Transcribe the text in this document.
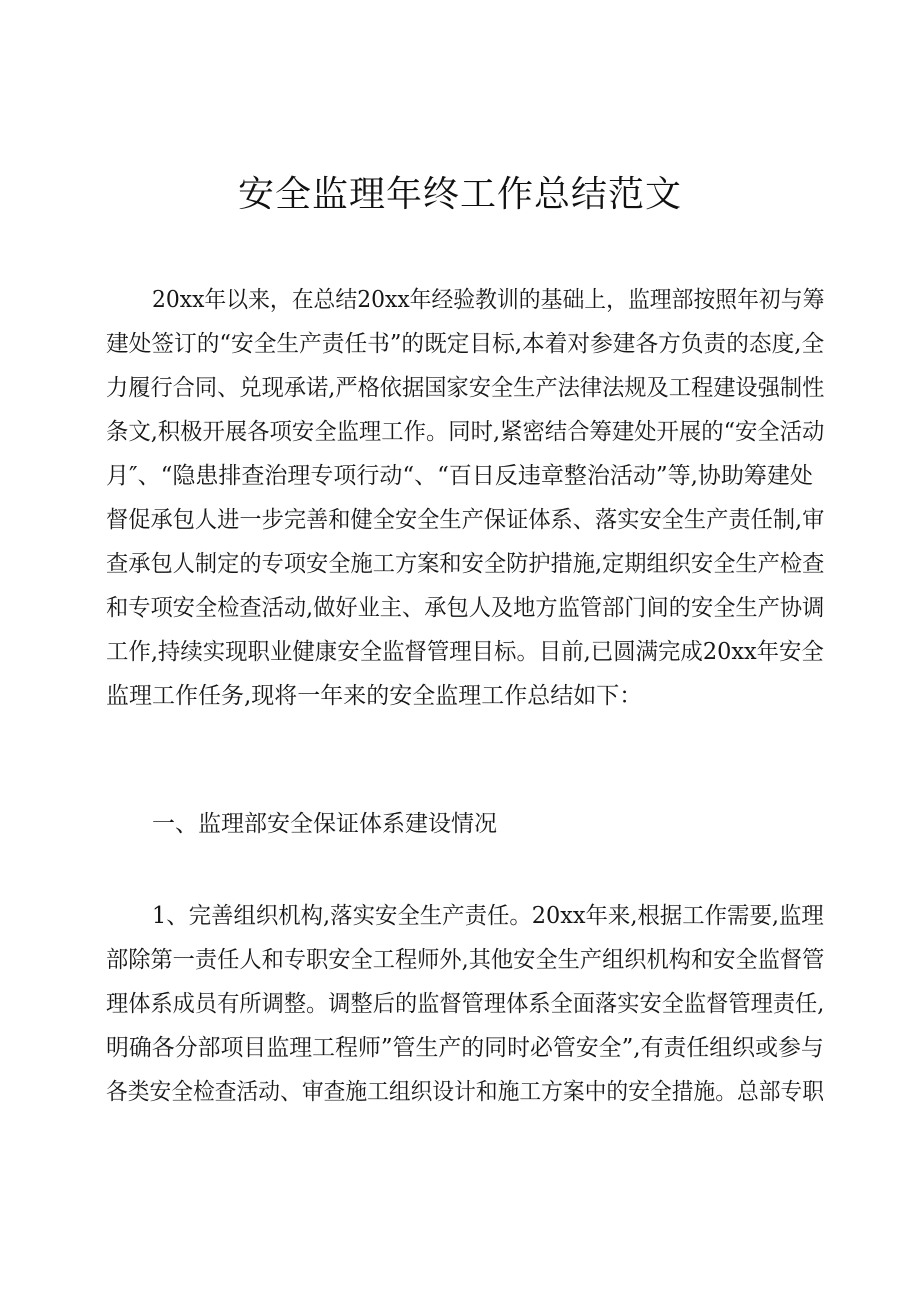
安全监理年终工作总结范文

20xx年以来，在总结20xx年经验教训的基础上，监理部按照年初与筹

建处签订的“安全生产责任书”的既定目标,本着对参建各方负责的态度,全

力履行合同、兑现承诺,严格依据国家安全生产法律法规及工程建设强制性

条文,积极开展各项安全监理工作。同时,紧密结合筹建处开展的“安全活动

月″、“隐患排查治理专项行动“、“百日反违章整治活动”等,协助筹建处

督促承包人进一步完善和健全安全生产保证体系、落实安全生产责任制,审

查承包人制定的专项安全施工方案和安全防护措施,定期组织安全生产检查

和专项安全检查活动,做好业主、承包人及地方监管部门间的安全生产协调

工作,持续实现职业健康安全监督管理目标。目前,已圆满完成20xx年安全

监理工作任务,现将一年来的安全监理工作总结如下：

一、监理部安全保证体系建设情况

1、完善组织机构,落实安全生产责任。20xx年来,根据工作需要,监理

部除第一责任人和专职安全工程师外,其他安全生产组织机构和安全监督管

理体系成员有所调整。调整后的监督管理体系全面落实安全监督管理责任,

明确各分部项目监理工程师”管生产的同时必管安全”,有责任组织或参与

各类安全检查活动、审查施工组织设计和施工方案中的安全措施。总部专职
